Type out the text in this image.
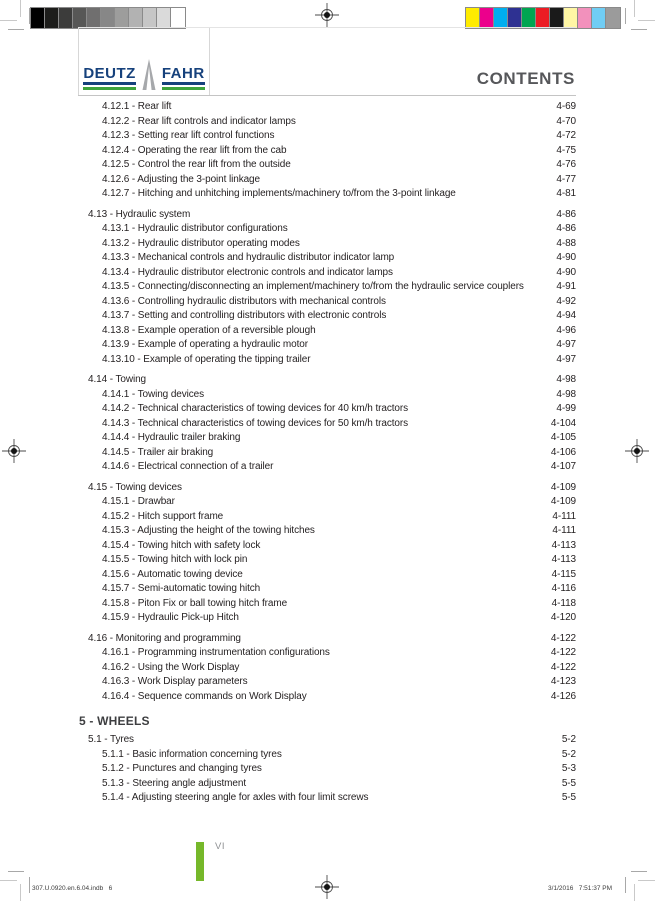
DEUTZ FAHR	CONTENTS
4.12.1 - Rear lift	4-69
4.12.2 - Rear lift controls and indicator lamps	4-70
4.12.3 - Setting rear lift control functions	4-72
4.12.4 - Operating the rear lift from the cab	4-75
4.12.5 - Control the rear lift from the outside	4-76
4.12.6 - Adjusting the 3-point linkage	4-77
4.12.7 - Hitching and unhitching implements/machinery to/from the 3-point linkage	4-81
4.13 - Hydraulic system	4-86
4.13.1 - Hydraulic distributor configurations	4-86
4.13.2 - Hydraulic distributor operating modes	4-88
4.13.3 - Mechanical controls and hydraulic distributor indicator lamp	4-90
4.13.4 - Hydraulic distributor electronic controls and indicator lamps	4-90
4.13.5 - Connecting/disconnecting an implement/machinery to/from the hydraulic service couplers	4-91
4.13.6 - Controlling hydraulic distributors with mechanical controls	4-92
4.13.7 - Setting and controlling distributors with electronic controls	4-94
4.13.8 - Example operation of a reversible plough	4-96
4.13.9 - Example of operating a hydraulic motor	4-97
4.13.10 - Example of operating the tipping trailer	4-97
4.14 - Towing	4-98
4.14.1 - Towing devices	4-98
4.14.2 - Technical characteristics of towing devices for 40 km/h tractors	4-99
4.14.3 - Technical characteristics of towing devices for 50 km/h tractors	4-104
4.14.4 - Hydraulic trailer braking	4-105
4.14.5 - Trailer air braking	4-106
4.14.6 - Electrical connection of a trailer	4-107
4.15 - Towing devices	4-109
4.15.1 - Drawbar	4-109
4.15.2 - Hitch support frame	4-111
4.15.3 - Adjusting the height of the towing hitches	4-111
4.15.4 - Towing hitch with safety lock	4-113
4.15.5 - Towing hitch with lock pin	4-113
4.15.6 - Automatic towing device	4-115
4.15.7 - Semi-automatic towing hitch	4-116
4.15.8 - Piton Fix or ball towing hitch frame	4-118
4.15.9 - Hydraulic Pick-up Hitch	4-120
4.16 - Monitoring and programming	4-122
4.16.1 - Programming instrumentation configurations	4-122
4.16.2 - Using the Work Display	4-122
4.16.3 - Work Display parameters	4-123
4.16.4 - Sequence commands on Work Display	4-126
5 - WHEELS
5.1 - Tyres	5-2
5.1.1 - Basic information concerning tyres	5-2
5.1.2 - Punctures and changing tyres	5-3
5.1.3 - Steering angle adjustment	5-5
5.1.4 - Adjusting steering angle for axles with four limit screws	5-5
VI
307.U.0920.en.6.04.indb   6	3/1/2016   7:51:37 PM
